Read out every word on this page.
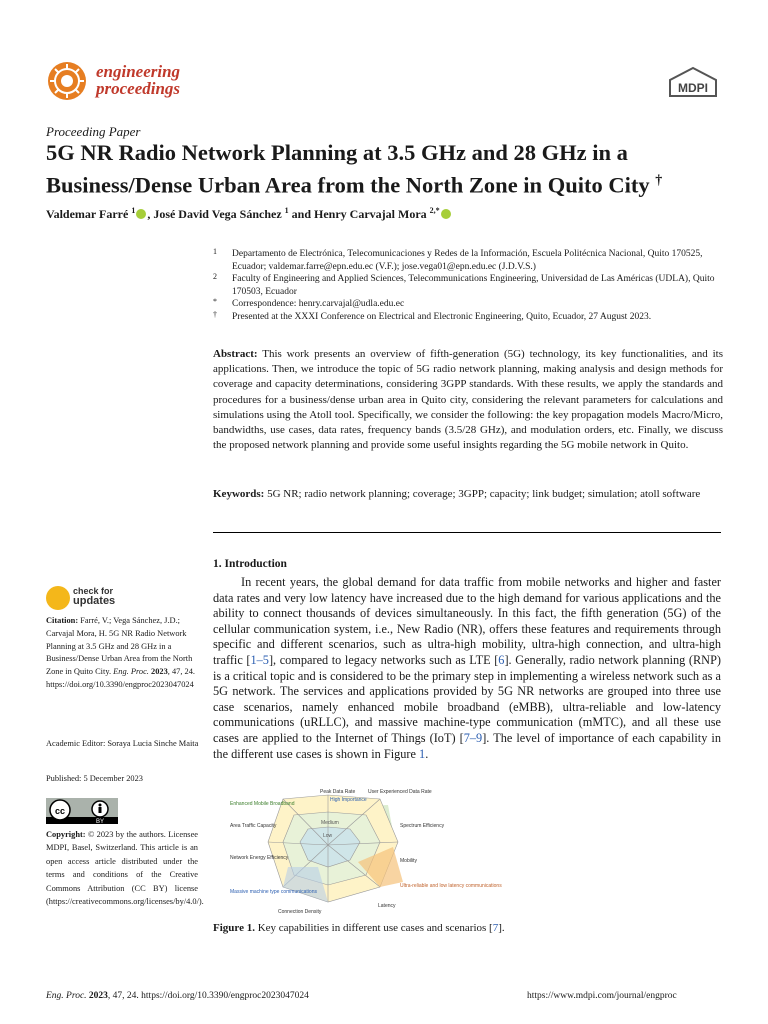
engineering
proceedings	MDPI
Proceeding Paper
5G NR Radio Network Planning at 3.5 GHz and 28 GHz in a Business/Dense Urban Area from the North Zone in Quito City †
Valdemar Farré $^1$ , José David Vega Sánchez $^1$ and Henry Carvajal Mora $^{2,*}$
1 Departamento de Electrónica, Telecomunicaciones y Redes de la Información, Escuela Politécnica Nacional, Quito 170525, Ecuador; valdemar.farre@epn.edu.ec (V.F.); jose.vega01@epn.edu.ec (J.D.V.S.)
2 Faculty of Engineering and Applied Sciences, Telecommunications Engineering, Universidad de Las Américas (UDLA), Quito 170503, Ecuador
* Correspondence: henry.carvajal@udla.edu.ec
† Presented at the XXXI Conference on Electrical and Electronic Engineering, Quito, Ecuador, 27 August 2023.
Abstract: This work presents an overview of fifth-generation (5G) technology, its key functionalities, and its applications. Then, we introduce the topic of 5G radio network planning, making analysis and design methods for coverage and capacity determinations, considering 3GPP standards. With these results, we apply the standards and procedures for a business/dense urban area in Quito city, considering the relevant parameters for calculations and simulations using the Atoll tool. Specifically, we consider the following: the key propagation models Macro/Micro, bandwidths, use cases, data rates, frequency bands (3.5/28 GHz), and modulation orders, etc. Finally, we discuss the proposed network planning and provide some useful insights regarding the 5G mobile network in Quito.
Keywords: 5G NR; radio network planning; coverage; 3GPP; capacity; link budget; simulation; atoll software
1. Introduction
In recent years, the global demand for data traffic from mobile networks and higher and faster data rates and very low latency have increased due to the high demand for various applications and the ability to connect thousands of devices simultaneously. In this fact, the fifth generation (5G) of the cellular communication system, i.e., New Radio (NR), offers these features and requirements through specific and different scenarios, such as ultra-high mobility, ultra-high connection, and ultra-high traffic [1–5], compared to legacy networks such as LTE [6]. Generally, radio network planning (RNP) is a critical topic and is considered to be the primary step in implementing a wireless network such as a 5G network. The services and applications provided by 5G NR networks are grouped into three use case scenarios, namely enhanced mobile broadband (eMBB), ultra-reliable and low-latency communications (uRLLC), and massive machine-type communication (mMTC), and all these use cases are applied to the Internet of Things (IoT) [7–9]. The level of importance of each capability in the different use cases is shown in Figure 1.
check for
updates
Citation: Farré, V.; Vega Sánchez, J.D.; Carvajal Mora, H. 5G NR Radio Network Planning at 3.5 GHz and 28 GHz in a Business/Dense Urban Area from the North Zone in Quito City. Eng. Proc. 2023, 47, 24. https://doi.org/10.3390/engproc2023047024
Academic Editor: Soraya Lucia Sinche Maita
Published: 5 December 2023
cc
BY
Copyright: © 2023 by the authors. Licensee MDPI, Basel, Switzerland. This article is an open access article distributed under the terms and conditions of the Creative Commons Attribution (CC BY) license (https://creativecommons.org/licenses/by/4.0/).
Peak Data Rate
High Importance
User Experienced Data Rate
Enhanced Mobile Broadband
Area Traffic Capacity	Spectrum Efficiency
Medium
Low
Network Energy Efficiency	Mobility
Massive machine type communications
Ultra-reliable and low latency communications
Connection Density
Latency
Figure 1. Key capabilities in different use cases and scenarios [7].
Eng. Proc. 2023, 47, 24. https://doi.org/10.3390/engproc2023047024	https://www.mdpi.com/journal/engproc
